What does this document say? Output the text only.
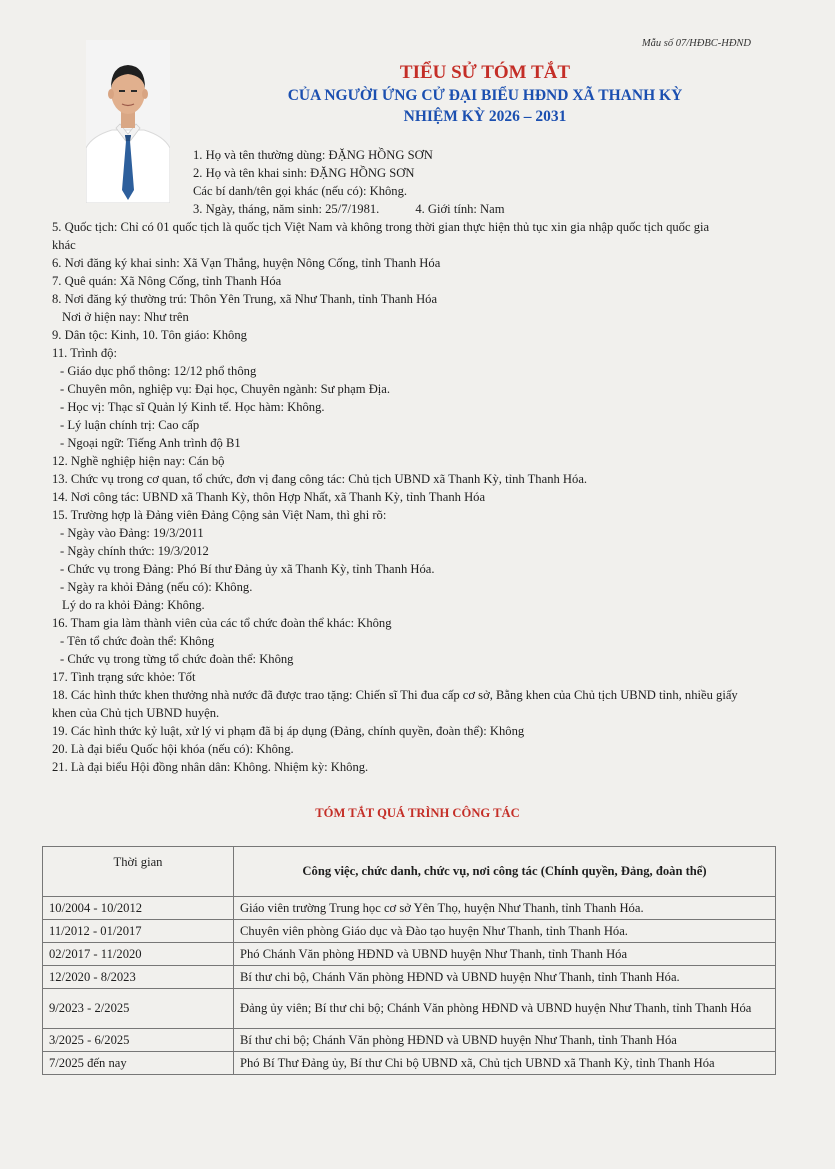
Mẫu số 07/HĐBC-HĐND
TIỂU SỬ TÓM TẮT
CỦA NGƯỜI ỨNG CỬ ĐẠI BIỂU HĐND XÃ THANH KỲ
NHIỆM KỲ 2026 – 2031
1. Họ và tên thường dùng: ĐẶNG HỒNG SƠN
2. Họ và tên khai sinh: ĐẶNG HỒNG SƠN
Các bí danh/tên gọi khác (nếu có): Không.
3. Ngày, tháng, năm sinh: 25/7/1981.	4. Giới tính: Nam
5. Quốc tịch: Chỉ có 01 quốc tịch là quốc tịch Việt Nam và không trong thời gian thực hiện thủ tục xin gia nhập quốc tịch quốc gia
khác
6. Nơi đăng ký khai sinh: Xã Vạn Thắng, huyện Nông Cống, tỉnh Thanh Hóa
7. Quê quán: Xã Nông Cống, tỉnh Thanh Hóa
8. Nơi đăng ký thường trú: Thôn Yên Trung, xã Như Thanh, tỉnh Thanh Hóa
Nơi ở hiện nay: Như trên
9. Dân tộc: Kinh, 10. Tôn giáo: Không
11. Trình độ:
- Giáo dục phổ thông: 12/12 phổ thông
- Chuyên môn, nghiệp vụ: Đại học, Chuyên ngành: Sư phạm Địa.
- Học vị: Thạc sĩ Quản lý Kinh tế. Học hàm: Không.
- Lý luận chính trị: Cao cấp
- Ngoại ngữ: Tiếng Anh trình độ B1
12. Nghề nghiệp hiện nay: Cán bộ
13. Chức vụ trong cơ quan, tổ chức, đơn vị đang công tác: Chủ tịch UBND xã Thanh Kỳ, tỉnh Thanh Hóa.
14. Nơi công tác: UBND xã Thanh Kỳ, thôn Hợp Nhất, xã Thanh Kỳ, tỉnh Thanh Hóa
15. Trường hợp là Đảng viên Đảng Cộng sản Việt Nam, thì ghi rõ:
- Ngày vào Đảng: 19/3/2011
- Ngày chính thức: 19/3/2012
- Chức vụ trong Đảng: Phó Bí thư Đảng ủy xã Thanh Kỳ, tỉnh Thanh Hóa.
- Ngày ra khỏi Đảng (nếu có): Không.
Lý do ra khỏi Đảng: Không.
16. Tham gia làm thành viên của các tổ chức đoàn thể khác: Không
- Tên tổ chức đoàn thể: Không
- Chức vụ trong từng tổ chức đoàn thể: Không
17. Tình trạng sức khỏe: Tốt
18. Các hình thức khen thưởng nhà nước đã được trao tặng: Chiến sĩ Thi đua cấp cơ sở, Bằng khen của Chủ tịch UBND tỉnh, nhiều giấy
khen của Chủ tịch UBND huyện.
19. Các hình thức kỷ luật, xử lý vi phạm đã bị áp dụng (Đảng, chính quyền, đoàn thể): Không
20. Là đại biểu Quốc hội khóa (nếu có): Không.
21. Là đại biểu Hội đồng nhân dân: Không. Nhiệm kỳ: Không.
TÓM TẮT QUÁ TRÌNH CÔNG TÁC
Thời gian	Công việc, chức danh, chức vụ, nơi công tác (Chính quyền, Đảng, đoàn thể)
10/2004 - 10/2012	Giáo viên trường Trung học cơ sở Yên Thọ, huyện Như Thanh, tỉnh Thanh Hóa.
11/2012 - 01/2017	Chuyên viên phòng Giáo dục và Đào tạo huyện Như Thanh, tỉnh Thanh Hóa.
02/2017 - 11/2020	Phó Chánh Văn phòng HĐND và UBND huyện Như Thanh, tỉnh Thanh Hóa
12/2020 - 8/2023	Bí thư chi bộ, Chánh Văn phòng HĐND và UBND huyện Như Thanh, tỉnh Thanh Hóa.
9/2023 - 2/2025	Đảng ủy viên; Bí thư chi bộ; Chánh Văn phòng HĐND và UBND huyện Như Thanh, tỉnh Thanh Hóa
3/2025 - 6/2025	Bí thư chi bộ; Chánh Văn phòng HĐND và UBND huyện Như Thanh, tỉnh Thanh Hóa
7/2025 đến nay	Phó Bí Thư Đảng ủy, Bí thư Chi bộ UBND xã, Chủ tịch UBND xã Thanh Kỳ, tỉnh Thanh Hóa
